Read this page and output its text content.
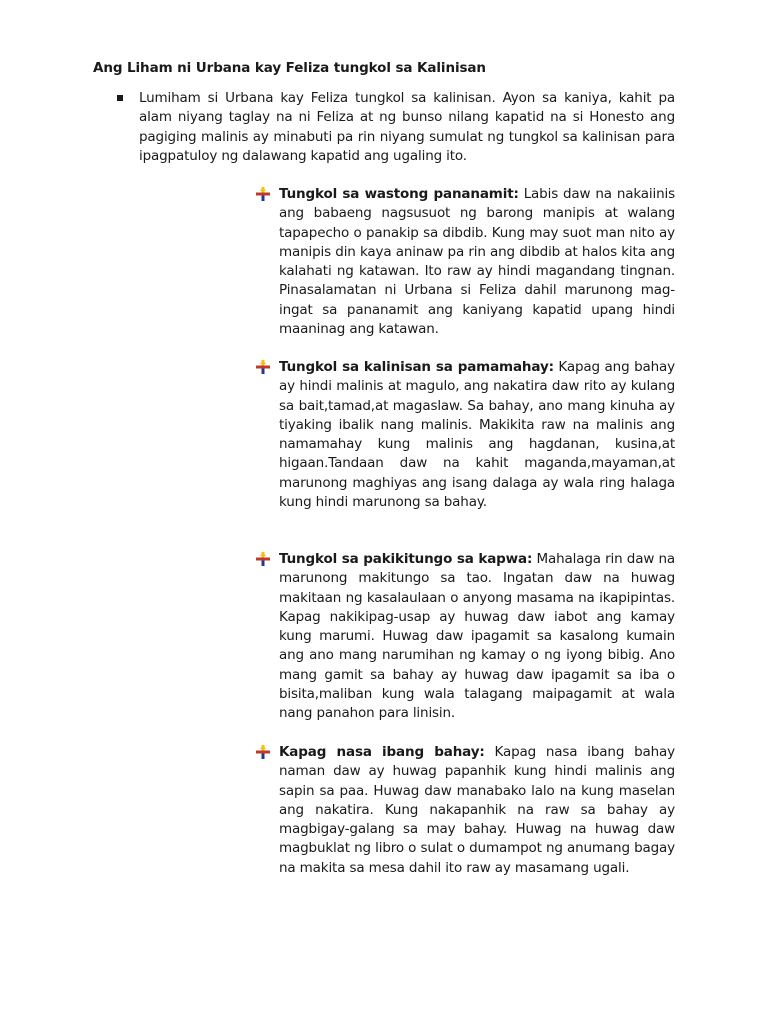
Ang Liham ni Urbana kay Feliza tungkol sa Kalinisan
Lumiham si Urbana kay Feliza tungkol sa kalinisan. Ayon sa kaniya, kahit pa alam niyang taglay na ni Feliza at ng bunso nilang kapatid na si Honesto ang pagiging malinis ay minabuti pa rin niyang sumulat ng tungkol sa kalinisan para ipagpatuloy ng dalawang kapatid ang ugaling ito.
Tungkol sa wastong pananamit: Labis daw na nakaiinis ang babaeng nagsusuot ng barong manipis at walang tapapecho o panakip sa dibdib. Kung may suot man nito ay manipis din kaya aninaw pa rin ang dibdib at halos kita ang kalahati ng katawan. Ito raw ay hindi magandang tingnan. Pinasalamatan ni Urbana si Feliza dahil marunong mag-ingat sa pananamit ang kaniyang kapatid upang hindi maaninag ang katawan.
Tungkol sa kalinisan sa pamamahay: Kapag ang bahay ay hindi malinis at magulo, ang nakatira daw rito ay kulang sa bait,tamad,at magaslaw. Sa bahay, ano mang kinuha ay tiyaking ibalik nang malinis. Makikita raw na malinis ang namamahay kung malinis ang hagdanan, kusina,at higaan.Tandaan daw na kahit maganda,mayaman,at marunong maghiyas ang isang dalaga ay wala ring halaga kung hindi marunong sa bahay.
Tungkol sa pakikitungo sa kapwa: Mahalaga rin daw na marunong makitungo sa tao. Ingatan daw na huwag makitaan ng kasalaulaan o anyong masama na ikapipintas. Kapag nakikipag-usap ay huwag daw iabot ang kamay kung marumi. Huwag daw ipagamit sa kasalong kumain ang ano mang narumihan ng kamay o ng iyong bibig. Ano mang gamit sa bahay ay huwag daw ipagamit sa iba o bisita,maliban kung wala talagang maipagamit at wala nang panahon para linisin.
Kapag nasa ibang bahay: Kapag nasa ibang bahay naman daw ay huwag papanhik kung hindi malinis ang sapin sa paa. Huwag daw manabako lalo na kung maselan ang nakatira. Kung nakapanhik na raw sa bahay ay magbigay-galang sa may bahay. Huwag na huwag daw magbuklat ng libro o sulat o dumampot ng anumang bagay na makita sa mesa dahil ito raw ay masamang ugali.
